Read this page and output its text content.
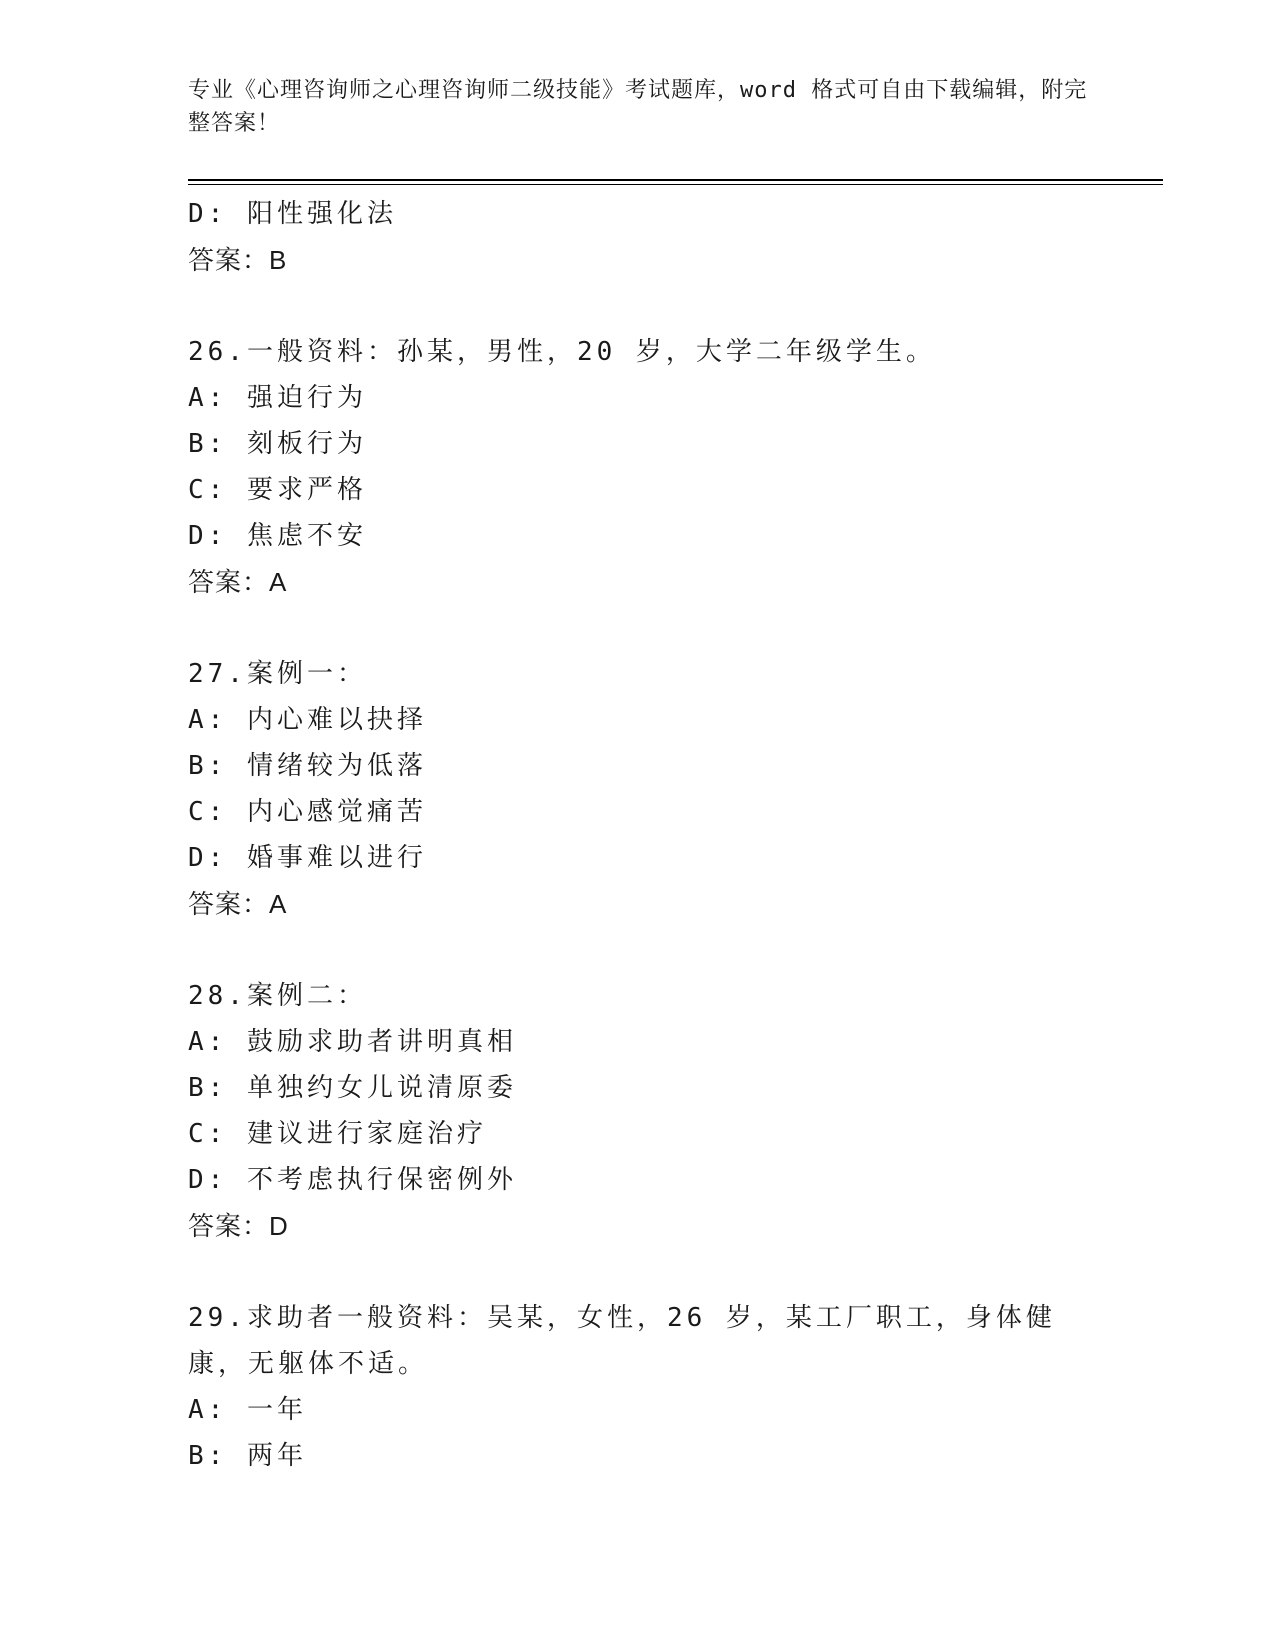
专业《心理咨询师之心理咨询师二级技能》考试题库，word 格式可自由下载编辑，附完整答案！
D: 阳性强化法
答案：B
26.一般资料：孙某，男性，20 岁，大学二年级学生。
A: 强迫行为
B: 刻板行为
C: 要求严格
D: 焦虑不安
答案：A
27.案例一：
A: 内心难以抉择
B: 情绪较为低落
C: 内心感觉痛苦
D: 婚事难以进行
答案：A
28.案例二：
A: 鼓励求助者讲明真相
B: 单独约女儿说清原委
C: 建议进行家庭治疗
D: 不考虑执行保密例外
答案：D
29.求助者一般资料：吴某，女性，26 岁，某工厂职工，身体健康，无躯体不适。
A: 一年
B: 两年
